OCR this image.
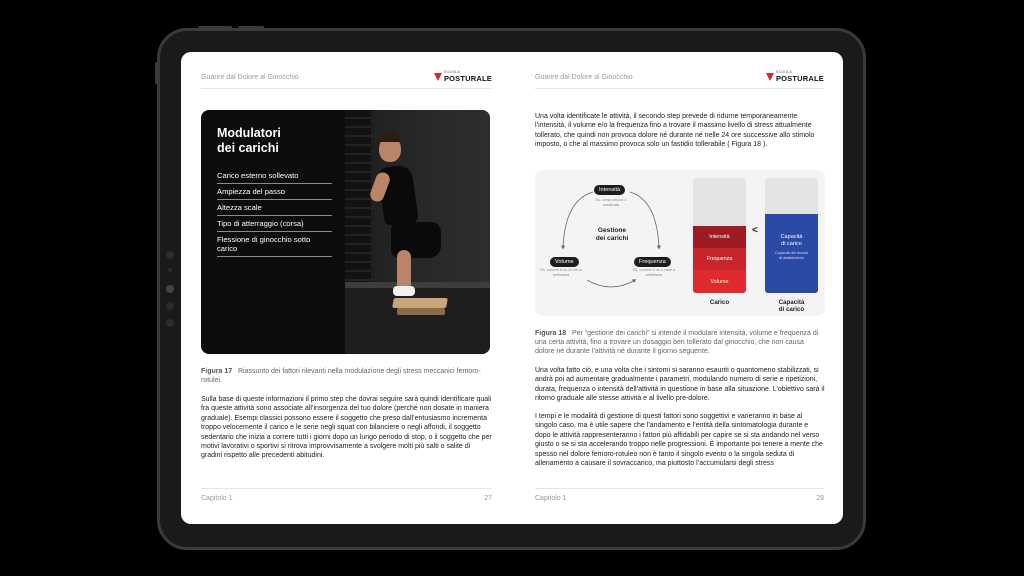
Guarire dal Dolore al Ginocchio
SCUOLA
POSTURALE
Modulatori
dei carichi
Carico esterno sollevato
Ampiezza del passo
Altezza scale
Tipo di atterraggio (corsa)
Flessione di ginocchio sotto carico
Figura 17 Riassunto dei fattori rilevanti nella modulazione degli stress meccanici femoro-rotulei.
Sulla base di queste informazioni il primo step che dovrai seguire sarà quindi identificare quali fra queste attività sono associate all’insorgenza del tuo dolore (perché non dosate in maniera graduale). Esempi classici possono essere il soggetto che preso dall’entusiasmo incrementa troppo velocemente il carico e le serie negli squat con bilanciere o negli affondi, il soggetto sedentario che inizia a correre tutti i giorni dopo un lungo periodo di stop, o il soggetto che per motivi lavorativi o sportivi si ritrova improvvisamente a svolgere molti più salti o salite di gradini rispetto alle precedenti abitudini.
Capitolo 1	27
Guarire dal Dolore al Ginocchio
SCUOLA
POSTURALE
Una volta identificate le attività, il secondo step prevede di ridurne temporaneamente l’intensità, il volume e/o la frequenza fino a trovare il massimo livello di stress attualmente tollerato, che quindi non provoca dolore né durante né nelle 24 ore successive allo stimolo imposto, o che al massimo provoca solo un fastidio tollerabile ( Figura 18 ).
Intensità
Es. corsa veloce o moderata
Gestione
dei carichi
Volume
Es. correre 5 vs 10 km a settimana
Frequenza
Es. correre 2 vs 4 volte a settimana
Intensità
Frequenza
Volume
<
Capacità
di carico
Capacità dei tessuti di adattamento
Carico	Capacità
di carico
Figura 18 Per “gestione dei carichi” si intende il modulare intensità, volume e frequenza di una certa attività, fino a trovare un dosaggio ben tollerato dal ginocchio, che non causa dolore né durante l’attività né durante il giorno seguente.
Una volta fatto ciò, e una volta che i sintomi si saranno esauriti o quantomeno stabilizzati, si andrà poi ad aumentare gradualmente i parametri, modulando numero di serie e ripetizioni, durata, frequenza o intensità dell’attività in questione in base alla situazione. L’obiettivo sarà il ritorno graduale alle stesse attività e al livello pre-dolore.
I tempi e le modalità di gestione di questi fattori sono soggettivi e varieranno in base al singolo caso, ma è utile sapere che l’andamento e l’entità della sintomatologia durante e dopo le attività rappresenteranno i fattori più affidabili per capire se si sta andando nel verso giusto o se si sta accelerando troppo nelle progressioni. È importante poi tenere a mente che spesso nel dolore femoro-rotuleo non è tanto il singolo evento o la singola seduta di allenamento a causare il sovraccarico, ma piuttosto l’accumularsi degli stress
Capitolo 1	28
